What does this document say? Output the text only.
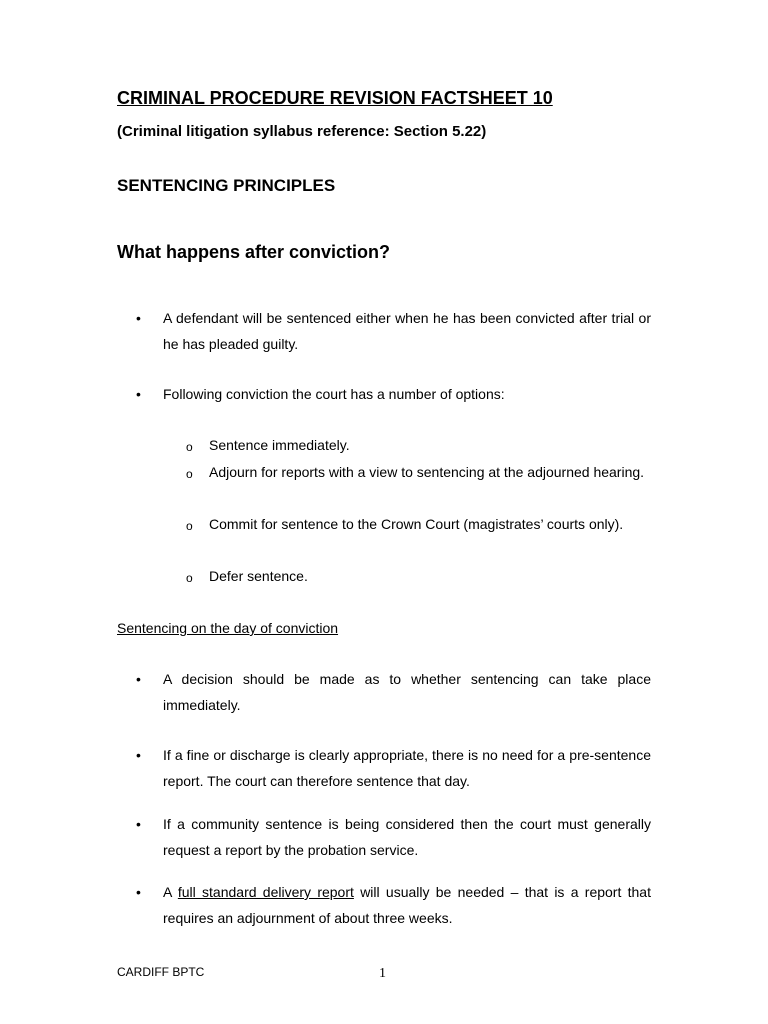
CRIMINAL PROCEDURE REVISION FACTSHEET 10

(Criminal litigation syllabus reference: Section 5.22)

SENTENCING PRINCIPLES
What happens after conviction?
• A defendant will be sentenced either when he has been convicted after trial or he has pleaded guilty.

• Following conviction the court has a number of options:

o Sentence immediately.

o Adjourn for reports with a view to sentencing at the adjourned hearing.

o Commit for sentence to the Crown Court (magistrates’ courts only).

o Defer sentence.

Sentencing on the day of conviction

• A decision should be made as to whether sentencing can take place immediately.

• If a fine or discharge is clearly appropriate, there is no need for a pre-sentence report. The court can therefore sentence that day.

• If a community sentence is being considered then the court must generally request a report by the probation service.

• A full standard delivery report will usually be needed – that is a report that requires an adjournment of about three weeks.

CARDIFF BPTC	1
